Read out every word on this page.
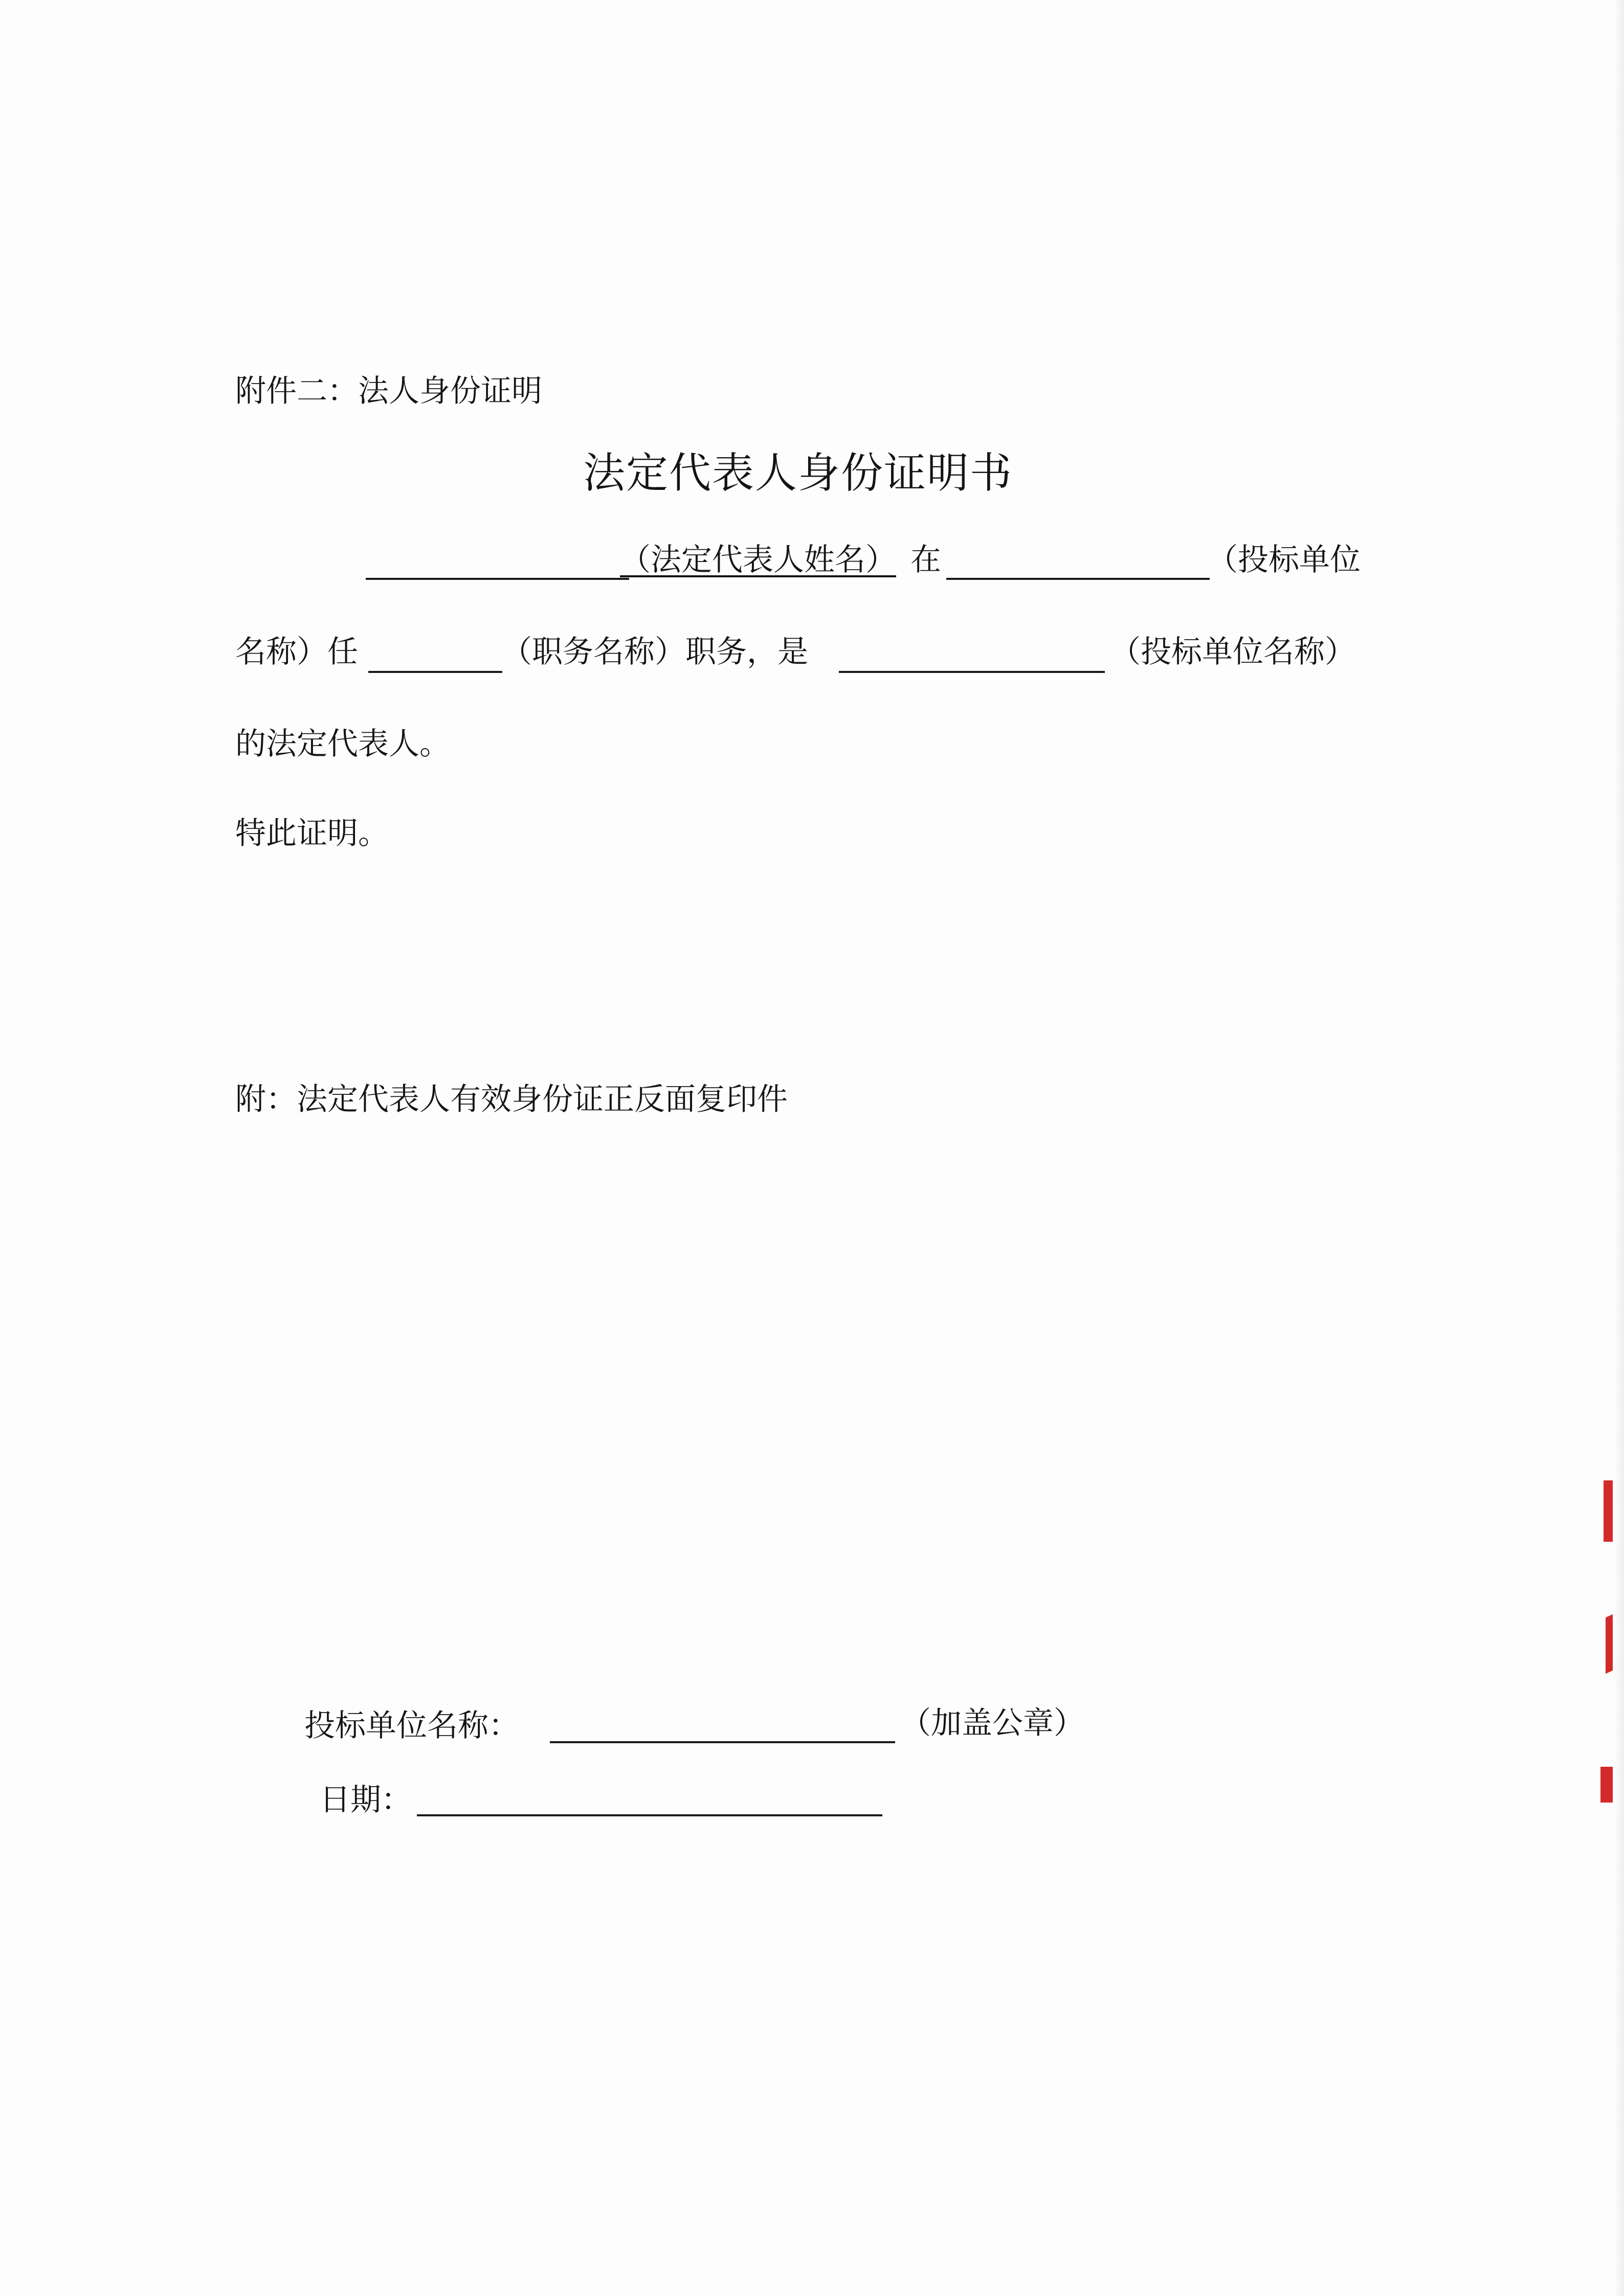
附件二：法人身份证明
法定代表人身份证明书
（法定代表人姓名） 在	（投标单位
名称）任	（职务名称）职务，是	（投标单位名称）
的法定代表人。
特此证明。
附：法定代表人有效身份证正反面复印件
投标单位名称：	（加盖公章）
日期：
